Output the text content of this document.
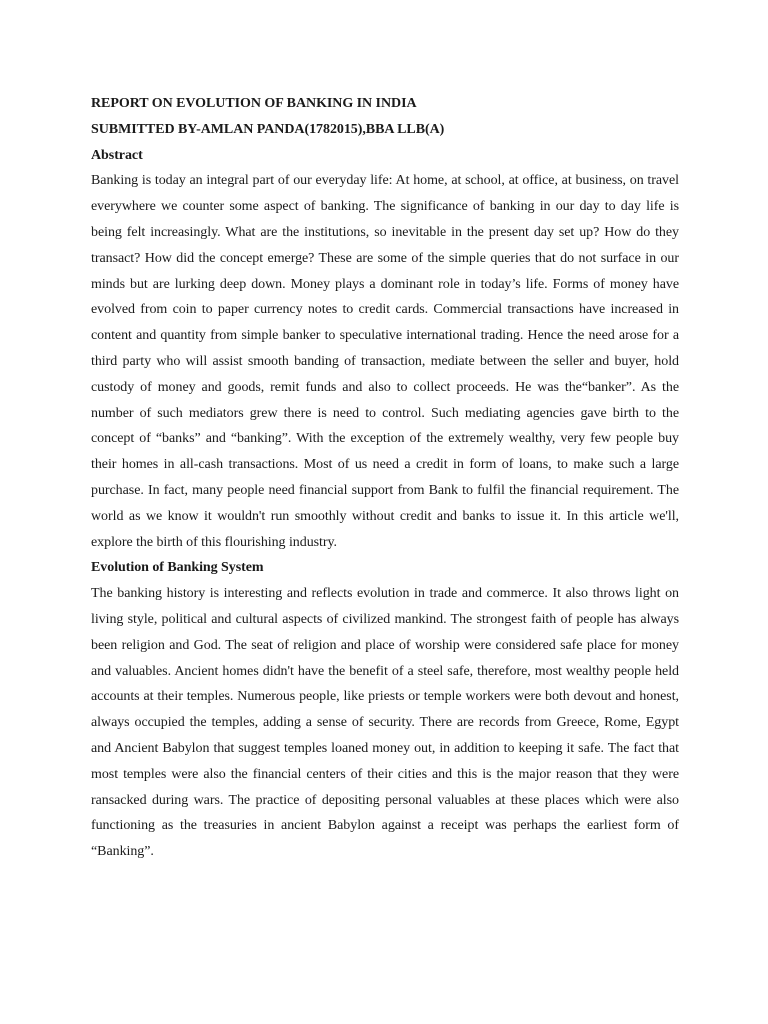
REPORT ON EVOLUTION OF BANKING IN INDIA

SUBMITTED BY-AMLAN PANDA(1782015),BBA LLB(A)

Abstract

Banking is today an integral part of our everyday life: At home, at school, at office, at business, on travel everywhere we counter some aspect of banking. The significance of banking in our day to day life is being felt increasingly. What are the institutions, so inevitable in the present day set up? How do they transact? How did the concept emerge? These are some of the simple queries that do not surface in our minds but are lurking deep down. Money plays a dominant role in today’s life. Forms of money have evolved from coin to paper currency notes to credit cards. Commercial transactions have increased in content and quantity from simple banker to speculative international trading. Hence the need arose for a third party who will assist smooth banding of transaction, mediate between the seller and buyer, hold custody of money and goods, remit funds and also to collect proceeds. He was the“banker”. As the number of such mediators grew there is need to control. Such mediating agencies gave birth to the concept of “banks” and “banking”. With the exception of the extremely wealthy, very few people buy their homes in all-cash transactions. Most of us need a credit in form of loans, to make such a large purchase. In fact, many people need financial support from Bank to fulfil the financial requirement. The world as we know it wouldn't run smoothly without credit and banks to issue it. In this article we'll, explore the birth of this flourishing industry.

Evolution of Banking System

The banking history is interesting and reflects evolution in trade and commerce. It also throws light on living style, political and cultural aspects of civilized mankind. The strongest faith of people has always been religion and God. The seat of religion and place of worship were considered safe place for money and valuables. Ancient homes didn't have the benefit of a steel safe, therefore, most wealthy people held accounts at their temples. Numerous people, like priests or temple workers were both devout and honest, always occupied the temples, adding a sense of security. There are records from Greece, Rome, Egypt and Ancient Babylon that suggest temples loaned money out, in addition to keeping it safe. The fact that most temples were also the financial centers of their cities and this is the major reason that they were ransacked during wars. The practice of depositing personal valuables at these places which were also functioning as the treasuries in ancient Babylon against a receipt was perhaps the earliest form of “Banking”.
